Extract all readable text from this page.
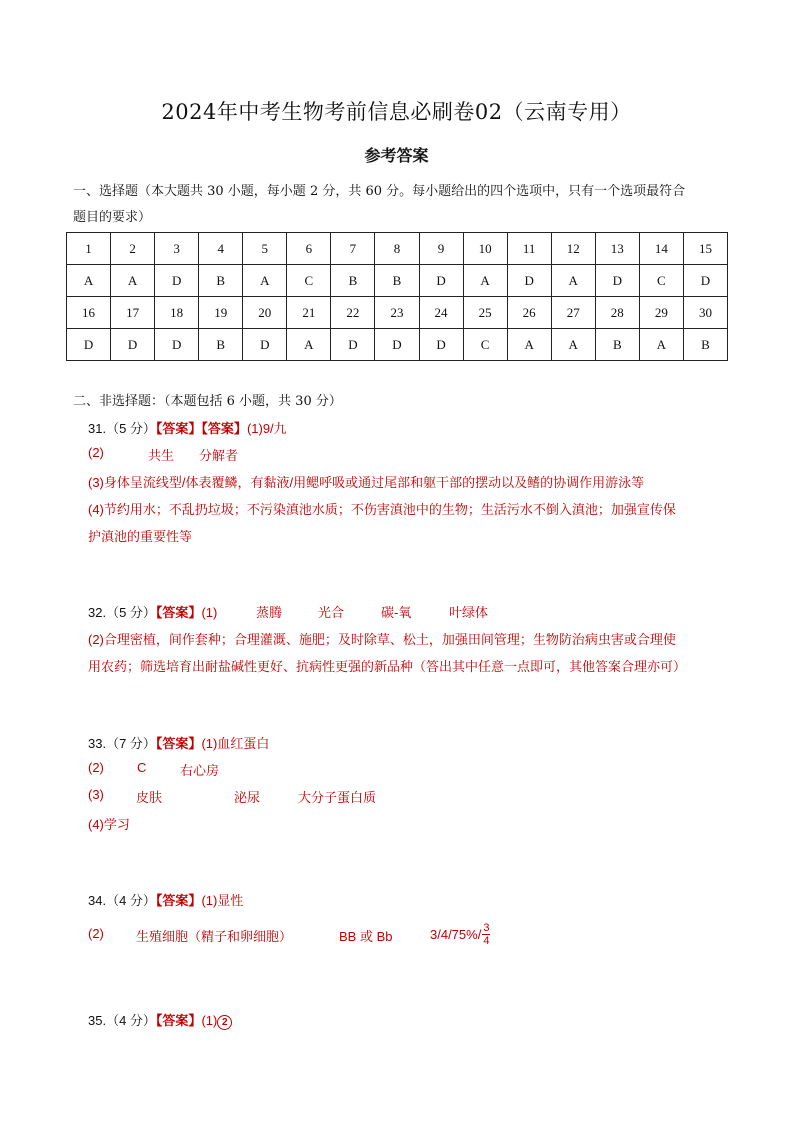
2024年中考生物考前信息必刷卷02（云南专用）
参考答案
一、选择题（本大题共 30 小题，每小题 2 分，共 60 分。每小题给出的四个选项中，只有一个选项最符合
题目的要求）
1	2	3	4	5	6	7	8	9	10	11	12	13	14	15
A	A	D	B	A	C	B	B	D	A	D	A	D	C	D
16	17	18	19	20	21	22	23	24	25	26	27	28	29	30
D	D	D	B	D	A	D	D	D	C	A	A	B	A	B
二、非选择题：（本题包括 6 小题，共 30 分）
31.（5 分）【答案】【答案】(1)9/九
(2)	共生 分解者
(3)身体呈流线型/体表覆鳞，有黏液/用鳃呼吸或通过尾部和躯干部的摆动以及鳍的协调作用游泳等
(4)节约用水；不乱扔垃圾；不污染滇池水质；不伤害滇池中的生物；生活污水不倒入滇池；加强宣传保
护滇池的重要性等
32.（5 分）【答案】(1)	蒸腾	光合	碳-氧	叶绿体
(2)合理密植，间作套种；合理灌溉、施肥；及时除草、松土，加强田间管理；生物防治病虫害或合理使
用农药；筛选培育出耐盐碱性更好、抗病性更强的新品种（答出其中任意一点即可，其他答案合理亦可）
33.（7 分）【答案】(1)血红蛋白
(2)	C	右心房
(3) 皮肤	泌尿	大分子蛋白质
(4)学习
34.（4 分）【答案】(1)显性
(2) 生殖细胞（精子和卵细胞）	BB 或 Bb	$3/4/75\%/ \frac{3}{4}$
35.（4 分）【答案】(1) 2
